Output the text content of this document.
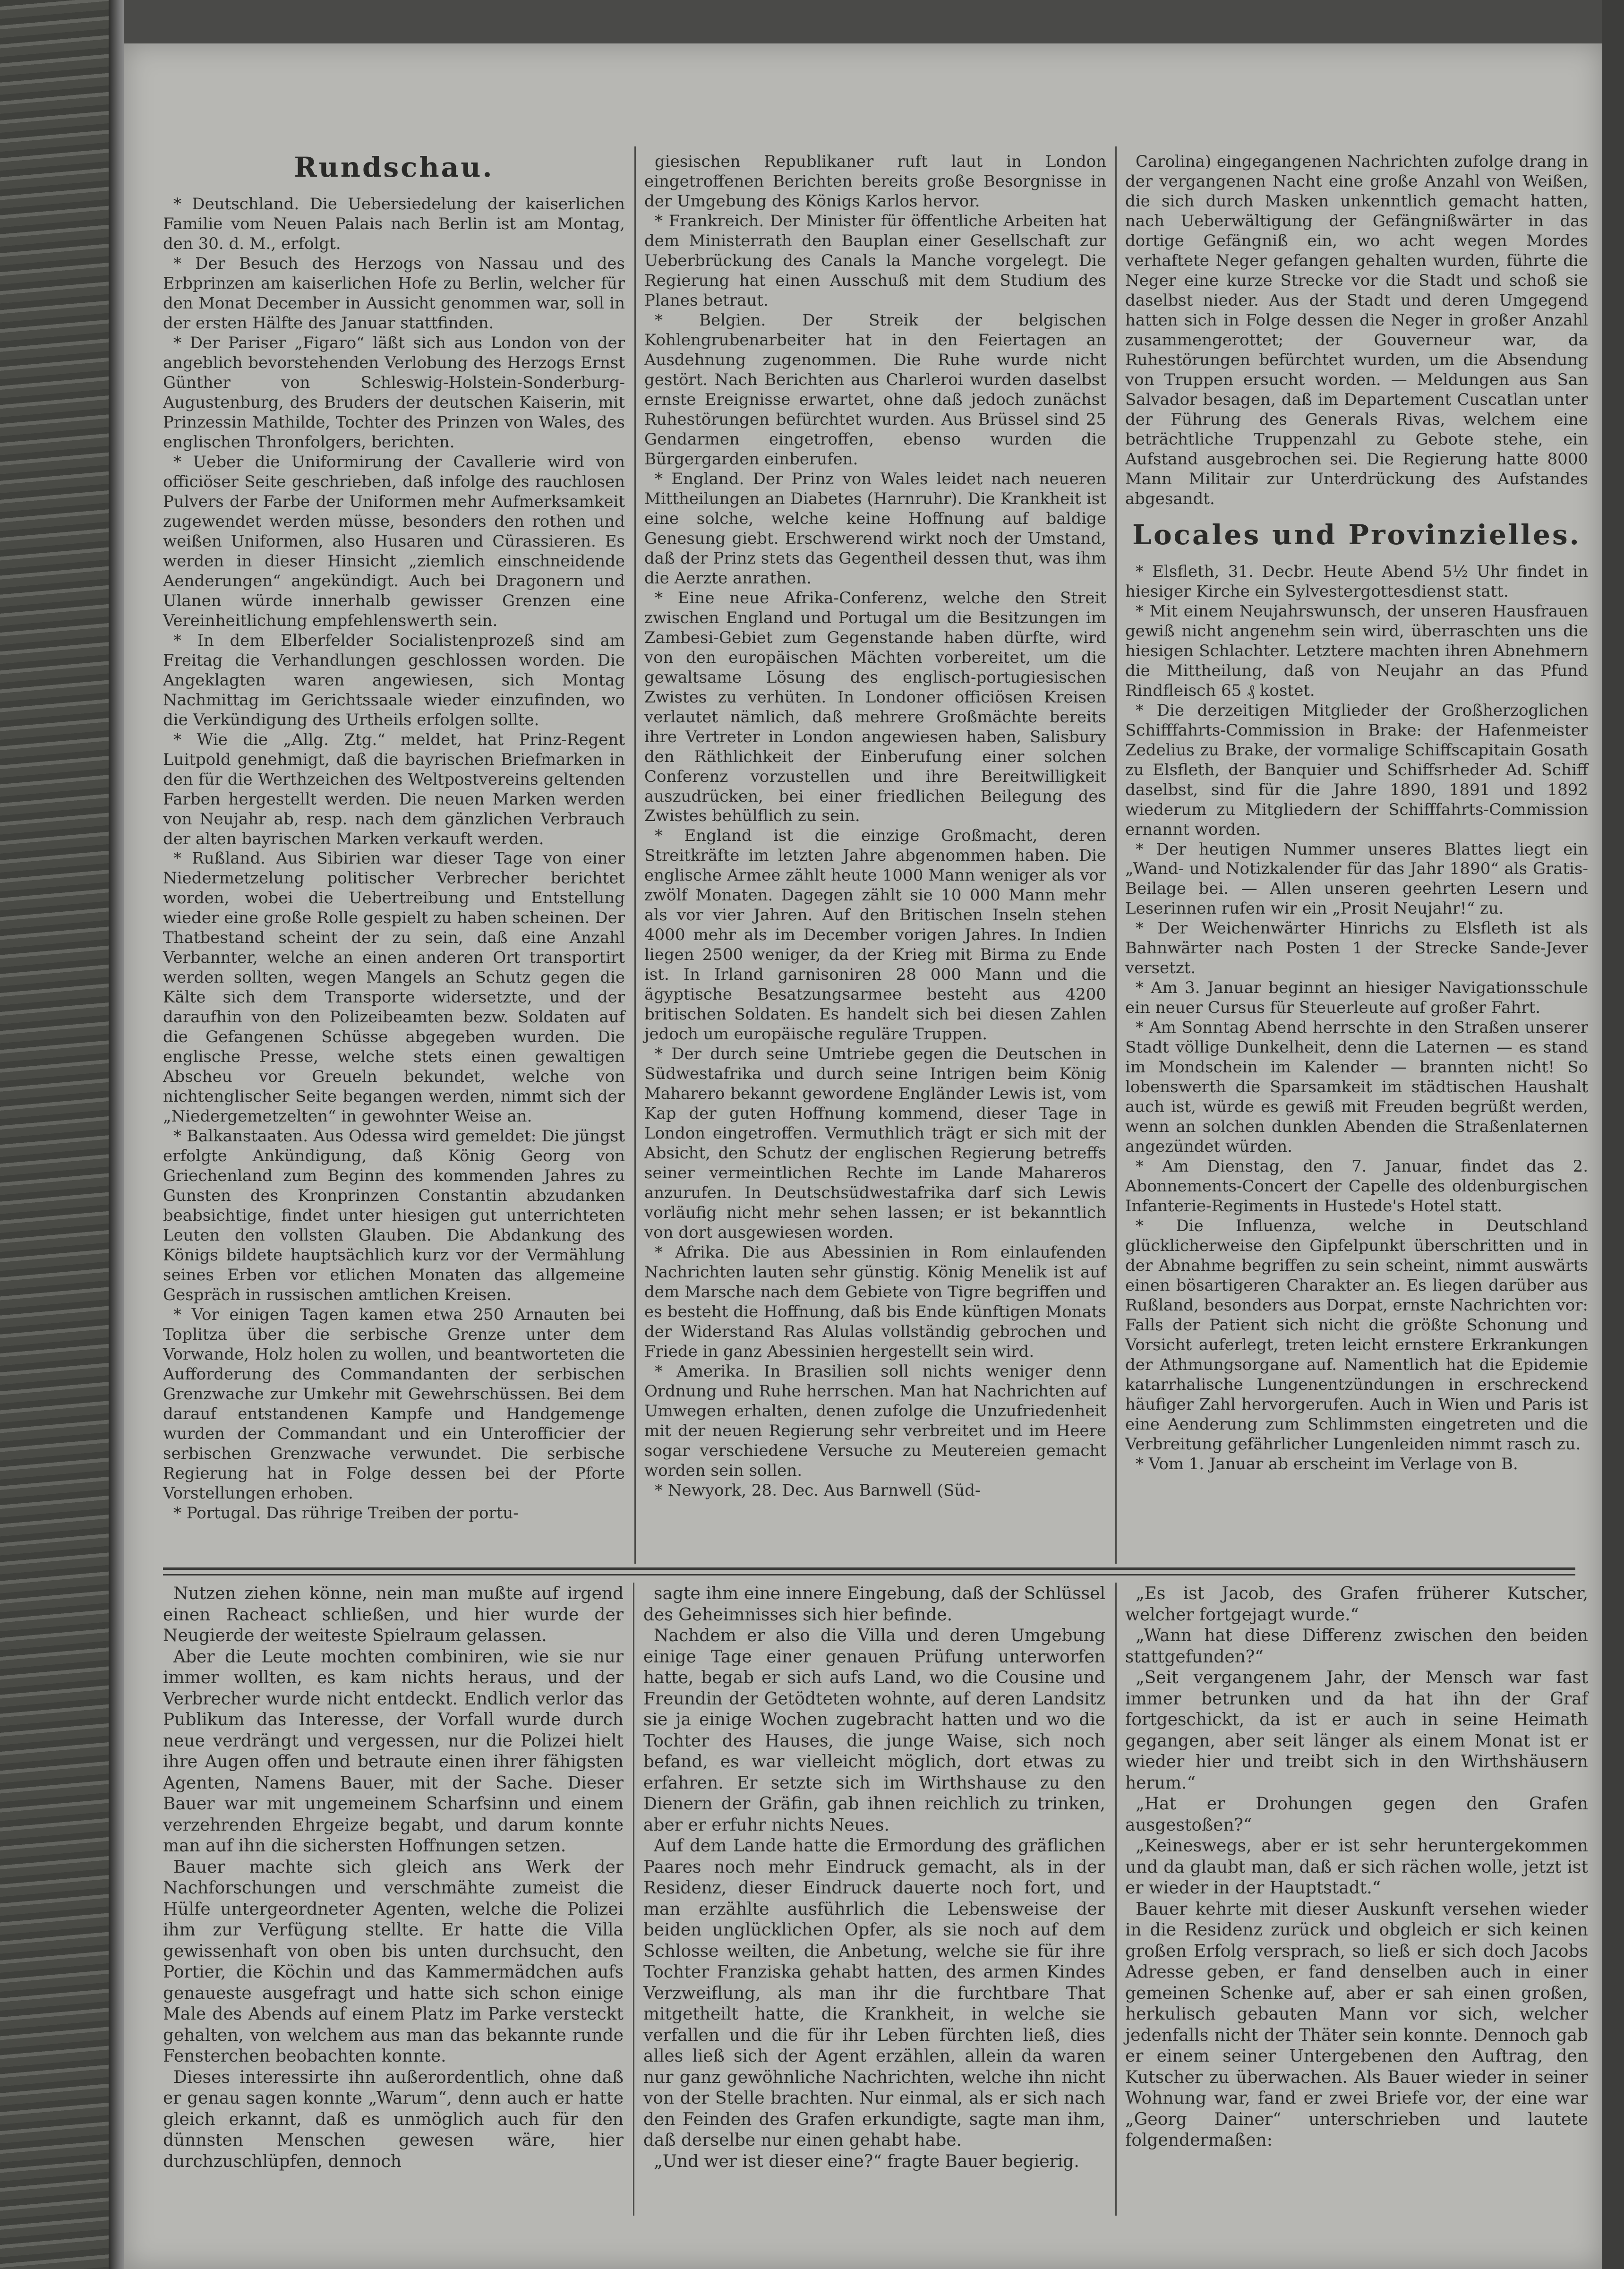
Rundschau.

* Deutschland. Die Uebersiedelung der kaiserlichen Familie vom Neuen Palais nach Berlin ist am Montag, den 30. d. M., erfolgt.

* Der Besuch des Herzogs von Nassau und des Erbprinzen am kaiserlichen Hofe zu Berlin, welcher für den Monat December in Aussicht genommen war, soll in der ersten Hälfte des Januar stattfinden.

* Der Pariser „Figaro“ läßt sich aus London von der angeblich bevorstehenden Verlobung des Herzogs Ernst Günther von Schleswig-Holstein-Sonderburg-Augustenburg, des Bruders der deutschen Kaiserin, mit Prinzessin Mathilde, Tochter des Prinzen von Wales, des englischen Thronfolgers, berichten.

* Ueber die Uniformirung der Cavallerie wird von officiöser Seite geschrieben, daß infolge des rauchlosen Pulvers der Farbe der Uniformen mehr Aufmerksamkeit zugewendet werden müsse, besonders den rothen und weißen Uniformen, also Husaren und Cürassieren. Es werden in dieser Hinsicht „ziemlich einschneidende Aenderungen“ angekündigt. Auch bei Dragonern und Ulanen würde innerhalb gewisser Grenzen eine Vereinheitlichung empfehlenswerth sein.

* In dem Elberfelder Socialistenprozeß sind am Freitag die Verhandlungen geschlossen worden. Die Angeklagten waren angewiesen, sich Montag Nachmittag im Gerichtssaale wieder einzufinden, wo die Verkündigung des Urtheils erfolgen sollte.

* Wie die „Allg. Ztg.“ meldet, hat Prinz-Regent Luitpold genehmigt, daß die bayrischen Briefmarken in den für die Werthzeichen des Weltpostvereins geltenden Farben hergestellt werden. Die neuen Marken werden von Neujahr ab, resp. nach dem gänzlichen Verbrauch der alten bayrischen Marken verkauft werden.

* Rußland. Aus Sibirien war dieser Tage von einer Niedermetzelung politischer Verbrecher berichtet worden, wobei die Uebertreibung und Entstellung wieder eine große Rolle gespielt zu haben scheinen. Der Thatbestand scheint der zu sein, daß eine Anzahl Verbannter, welche an einen anderen Ort transportirt werden sollten, wegen Mangels an Schutz gegen die Kälte sich dem Transporte widersetzte, und der daraufhin von den Polizeibeamten bezw. Soldaten auf die Gefangenen Schüsse abgegeben wurden. Die englische Presse, welche stets einen gewaltigen Abscheu vor Greueln bekundet, welche von nichtenglischer Seite begangen werden, nimmt sich der „Niedergemetzelten“ in gewohnter Weise an.

* Balkanstaaten. Aus Odessa wird gemeldet: Die jüngst erfolgte Ankündigung, daß König Georg von Griechenland zum Beginn des kommenden Jahres zu Gunsten des Kronprinzen Constantin abzudanken beabsichtige, findet unter hiesigen gut unterrichteten Leuten den vollsten Glauben. Die Abdankung des Königs bildete hauptsächlich kurz vor der Vermählung seines Erben vor etlichen Monaten das allgemeine Gespräch in russischen amtlichen Kreisen.

* Vor einigen Tagen kamen etwa 250 Arnauten bei Toplitza über die serbische Grenze unter dem Vorwande, Holz holen zu wollen, und beantworteten die Aufforderung des Commandanten der serbischen Grenzwache zur Umkehr mit Gewehrschüssen. Bei dem darauf entstandenen Kampfe und Handgemenge wurden der Commandant und ein Unterofficier der serbischen Grenzwache verwundet. Die serbische Regierung hat in Folge dessen bei der Pforte Vorstellungen erhoben.

* Portugal. Das rührige Treiben der portu-

giesischen Republikaner ruft laut in London eingetroffenen Berichten bereits große Besorgnisse in der Umgebung des Königs Karlos hervor.

* Frankreich. Der Minister für öffentliche Arbeiten hat dem Ministerrath den Bauplan einer Gesellschaft zur Ueberbrückung des Canals la Manche vorgelegt. Die Regierung hat einen Ausschuß mit dem Studium des Planes betraut.

* Belgien. Der Streik der belgischen Kohlengrubenarbeiter hat in den Feiertagen an Ausdehnung zugenommen. Die Ruhe wurde nicht gestört. Nach Berichten aus Charleroi wurden daselbst ernste Ereignisse erwartet, ohne daß jedoch zunächst Ruhestörungen befürchtet wurden. Aus Brüssel sind 25 Gendarmen eingetroffen, ebenso wurden die Bürgergarden einberufen.

* England. Der Prinz von Wales leidet nach neueren Mittheilungen an Diabetes (Harnruhr). Die Krankheit ist eine solche, welche keine Hoffnung auf baldige Genesung giebt. Erschwerend wirkt noch der Umstand, daß der Prinz stets das Gegentheil dessen thut, was ihm die Aerzte anrathen.

* Eine neue Afrika-Conferenz, welche den Streit zwischen England und Portugal um die Besitzungen im Zambesi-Gebiet zum Gegenstande haben dürfte, wird von den europäischen Mächten vorbereitet, um die gewaltsame Lösung des englisch-portugiesischen Zwistes zu verhüten. In Londoner officiösen Kreisen verlautet nämlich, daß mehrere Großmächte bereits ihre Vertreter in London angewiesen haben, Salisbury den Räthlichkeit der Einberufung einer solchen Conferenz vorzustellen und ihre Bereitwilligkeit auszudrücken, bei einer friedlichen Beilegung des Zwistes behülflich zu sein.

* England ist die einzige Großmacht, deren Streitkräfte im letzten Jahre abgenommen haben. Die englische Armee zählt heute 1000 Mann weniger als vor zwölf Monaten. Dagegen zählt sie 10 000 Mann mehr als vor vier Jahren. Auf den Britischen Inseln stehen 4000 mehr als im December vorigen Jahres. In Indien liegen 2500 weniger, da der Krieg mit Birma zu Ende ist. In Irland garnisoniren 28 000 Mann und die ägyptische Besatzungsarmee besteht aus 4200 britischen Soldaten. Es handelt sich bei diesen Zahlen jedoch um europäische reguläre Truppen.

* Der durch seine Umtriebe gegen die Deutschen in Südwestafrika und durch seine Intrigen beim König Maharero bekannt gewordene Engländer Lewis ist, vom Kap der guten Hoffnung kommend, dieser Tage in London eingetroffen. Vermuthlich trägt er sich mit der Absicht, den Schutz der englischen Regierung betreffs seiner vermeintlichen Rechte im Lande Mahareros anzurufen. In Deutschsüdwestafrika darf sich Lewis vorläufig nicht mehr sehen lassen; er ist bekanntlich von dort ausgewiesen worden.

* Afrika. Die aus Abessinien in Rom einlaufenden Nachrichten lauten sehr günstig. König Menelik ist auf dem Marsche nach dem Gebiete von Tigre begriffen und es besteht die Hoffnung, daß bis Ende künftigen Monats der Widerstand Ras Alulas vollständig gebrochen und Friede in ganz Abessinien hergestellt sein wird.

* Amerika. In Brasilien soll nichts weniger denn Ordnung und Ruhe herrschen. Man hat Nachrichten auf Umwegen erhalten, denen zufolge die Unzufriedenheit mit der neuen Regierung sehr verbreitet und im Heere sogar verschiedene Versuche zu Meutereien gemacht worden sein sollen.

* Newyork, 28. Dec. Aus Barnwell (Süd-

Carolina) eingegangenen Nachrichten zufolge drang in der vergangenen Nacht eine große Anzahl von Weißen, die sich durch Masken unkenntlich gemacht hatten, nach Ueberwältigung der Gefängnißwärter in das dortige Gefängniß ein, wo acht wegen Mordes verhaftete Neger gefangen gehalten wurden, führte die Neger eine kurze Strecke vor die Stadt und schoß sie daselbst nieder. Aus der Stadt und deren Umgegend hatten sich in Folge dessen die Neger in großer Anzahl zusammengerottet; der Gouverneur war, da Ruhestörungen befürchtet wurden, um die Absendung von Truppen ersucht worden. — Meldungen aus San Salvador besagen, daß im Departement Cuscatlan unter der Führung des Generals Rivas, welchem eine beträchtliche Truppenzahl zu Gebote stehe, ein Aufstand ausgebrochen sei. Die Regierung hatte 8000 Mann Militair zur Unterdrückung des Aufstandes abgesandt.

Locales und Provinzielles.

* Elsfleth, 31. Decbr. Heute Abend 5½ Uhr findet in hiesiger Kirche ein Sylvestergottesdienst statt.

* Mit einem Neujahrswunsch, der unseren Hausfrauen gewiß nicht angenehm sein wird, überraschten uns die hiesigen Schlachter. Letztere machten ihren Abnehmern die Mittheilung, daß von Neujahr an das Pfund Rindfleisch 65 ₰ kostet.

* Die derzeitigen Mitglieder der Großherzoglichen Schifffahrts-Commission in Brake: der Hafenmeister Zedelius zu Brake, der vormalige Schiffscapitain Gosath zu Elsfleth, der Banquier und Schiffsrheder Ad. Schiff daselbst, sind für die Jahre 1890, 1891 und 1892 wiederum zu Mitgliedern der Schifffahrts-Commission ernannt worden.

* Der heutigen Nummer unseres Blattes liegt ein „Wand- und Notizkalender für das Jahr 1890“ als Gratis-Beilage bei. — Allen unseren geehrten Lesern und Leserinnen rufen wir ein „Prosit Neujahr!“ zu.

* Der Weichenwärter Hinrichs zu Elsfleth ist als Bahnwärter nach Posten 1 der Strecke Sande-Jever versetzt.

* Am 3. Januar beginnt an hiesiger Navigationsschule ein neuer Cursus für Steuerleute auf großer Fahrt.

* Am Sonntag Abend herrschte in den Straßen unserer Stadt völlige Dunkelheit, denn die Laternen — es stand im Mondschein im Kalender — brannten nicht! So lobenswerth die Sparsamkeit im städtischen Haushalt auch ist, würde es gewiß mit Freuden begrüßt werden, wenn an solchen dunklen Abenden die Straßenlaternen angezündet würden.

* Am Dienstag, den 7. Januar, findet das 2. Abonnements-Concert der Capelle des oldenburgischen Infanterie-Regiments in Hustede's Hotel statt.

* Die Influenza, welche in Deutschland glücklicherweise den Gipfelpunkt überschritten und in der Abnahme begriffen zu sein scheint, nimmt auswärts einen bösartigeren Charakter an. Es liegen darüber aus Rußland, besonders aus Dorpat, ernste Nachrichten vor: Falls der Patient sich nicht die größte Schonung und Vorsicht auferlegt, treten leicht ernstere Erkrankungen der Athmungsorgane auf. Namentlich hat die Epidemie katarrhalische Lungenentzündungen in erschreckend häufiger Zahl hervorgerufen. Auch in Wien und Paris ist eine Aenderung zum Schlimmsten eingetreten und die Verbreitung gefährlicher Lungenleiden nimmt rasch zu.

* Vom 1. Januar ab erscheint im Verlage von B.

Nutzen ziehen könne, nein man mußte auf irgend einen Racheact schließen, und hier wurde der Neugierde der weiteste Spielraum gelassen.

Aber die Leute mochten combiniren, wie sie nur immer wollten, es kam nichts heraus, und der Verbrecher wurde nicht entdeckt. Endlich verlor das Publikum das Interesse, der Vorfall wurde durch neue verdrängt und vergessen, nur die Polizei hielt ihre Augen offen und betraute einen ihrer fähigsten Agenten, Namens Bauer, mit der Sache. Dieser Bauer war mit ungemeinem Scharfsinn und einem verzehrenden Ehrgeize begabt, und darum konnte man auf ihn die sichersten Hoffnungen setzen.

Bauer machte sich gleich ans Werk der Nachforschungen und verschmähte zumeist die Hülfe untergeordneter Agenten, welche die Polizei ihm zur Verfügung stellte. Er hatte die Villa gewissenhaft von oben bis unten durchsucht, den Portier, die Köchin und das Kammermädchen aufs genaueste ausgefragt und hatte sich schon einige Male des Abends auf einem Platz im Parke versteckt gehalten, von welchem aus man das bekannte runde Fensterchen beobachten konnte.

Dieses interessirte ihn außerordentlich, ohne daß er genau sagen konnte „Warum“, denn auch er hatte gleich erkannt, daß es unmöglich auch für den dünnsten Menschen gewesen wäre, hier durchzuschlüpfen, dennoch

sagte ihm eine innere Eingebung, daß der Schlüssel des Geheimnisses sich hier befinde.

Nachdem er also die Villa und deren Umgebung einige Tage einer genauen Prüfung unterworfen hatte, begab er sich aufs Land, wo die Cousine und Freundin der Getödteten wohnte, auf deren Landsitz sie ja einige Wochen zugebracht hatten und wo die Tochter des Hauses, die junge Waise, sich noch befand, es war vielleicht möglich, dort etwas zu erfahren. Er setzte sich im Wirthshause zu den Dienern der Gräfin, gab ihnen reichlich zu trinken, aber er erfuhr nichts Neues.

Auf dem Lande hatte die Ermordung des gräflichen Paares noch mehr Eindruck gemacht, als in der Residenz, dieser Eindruck dauerte noch fort, und man erzählte ausführlich die Lebensweise der beiden unglücklichen Opfer, als sie noch auf dem Schlosse weilten, die Anbetung, welche sie für ihre Tochter Franziska gehabt hatten, des armen Kindes Verzweiflung, als man ihr die furchtbare That mitgetheilt hatte, die Krankheit, in welche sie verfallen und die für ihr Leben fürchten ließ, dies alles ließ sich der Agent erzählen, allein da waren nur ganz gewöhnliche Nachrichten, welche ihn nicht von der Stelle brachten. Nur einmal, als er sich nach den Feinden des Grafen erkundigte, sagte man ihm, daß derselbe nur einen gehabt habe.

„Und wer ist dieser eine?“ fragte Bauer begierig.

„Es ist Jacob, des Grafen früherer Kutscher, welcher fortgejagt wurde.“

„Wann hat diese Differenz zwischen den beiden stattgefunden?“

„Seit vergangenem Jahr, der Mensch war fast immer betrunken und da hat ihn der Graf fortgeschickt, da ist er auch in seine Heimath gegangen, aber seit länger als einem Monat ist er wieder hier und treibt sich in den Wirthshäusern herum.“

„Hat er Drohungen gegen den Grafen ausgestoßen?“

„Keineswegs, aber er ist sehr heruntergekommen und da glaubt man, daß er sich rächen wolle, jetzt ist er wieder in der Hauptstadt.“

Bauer kehrte mit dieser Auskunft versehen wieder in die Residenz zurück und obgleich er sich keinen großen Erfolg versprach, so ließ er sich doch Jacobs Adresse geben, er fand denselben auch in einer gemeinen Schenke auf, aber er sah einen großen, herkulisch gebauten Mann vor sich, welcher jedenfalls nicht der Thäter sein konnte. Dennoch gab er einem seiner Untergebenen den Auftrag, den Kutscher zu überwachen. Als Bauer wieder in seiner Wohnung war, fand er zwei Briefe vor, der eine war „Georg Dainer“ unterschrieben und lautete folgendermaßen:
